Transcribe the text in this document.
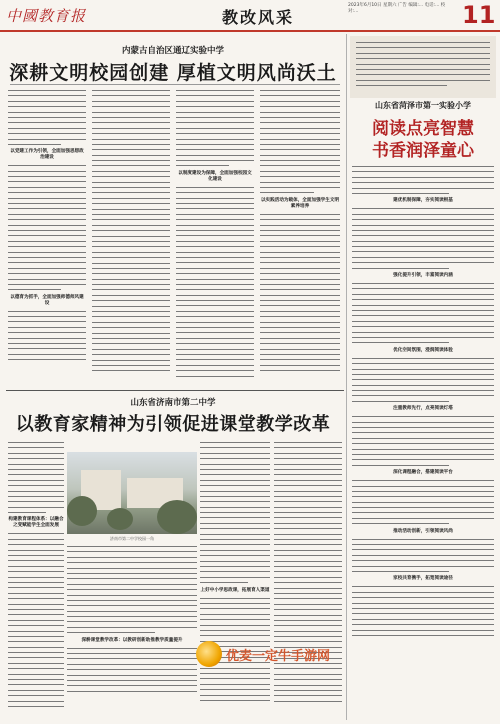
中國教育报	教改风采
2023年6月10日 星期六 广告 编辑:... 电话:... 校对:...	11
内蒙古自治区通辽实验中学
深耕文明校园创建 厚植文明风尚沃土
以党建工作为引领，全面加强思想政治建设
以德育为抓手，全面加强师德师风建设
以制度建设为保障，全面加强校园文化建设
以实践活动为载体，全面加强学生文明素养培养
山东省菏泽市第一实验小学
阅读点亮智慧
书香润泽童心
建优机制保障，夯实阅读根基
强化提升引领，丰富阅读内涵
优化空间氛围，浸润阅读体验
注重教师先行，点亮阅读灯塔
深化课程融合，搭建阅读平台
推动活动创新，引领阅读风尚
家校共育携手，拓宽阅读途径
山东省济南市第二中学
以教育家精神为引领促进课堂教学改革
构建教育课程体系：以融合之变赋能学生全面发展
济南市第二中学校园一角
深耕课堂教学改革：以教研创新助推教学质量提升
上好中小学思政课，拓展育人渠道
优麦一定牛手游网
